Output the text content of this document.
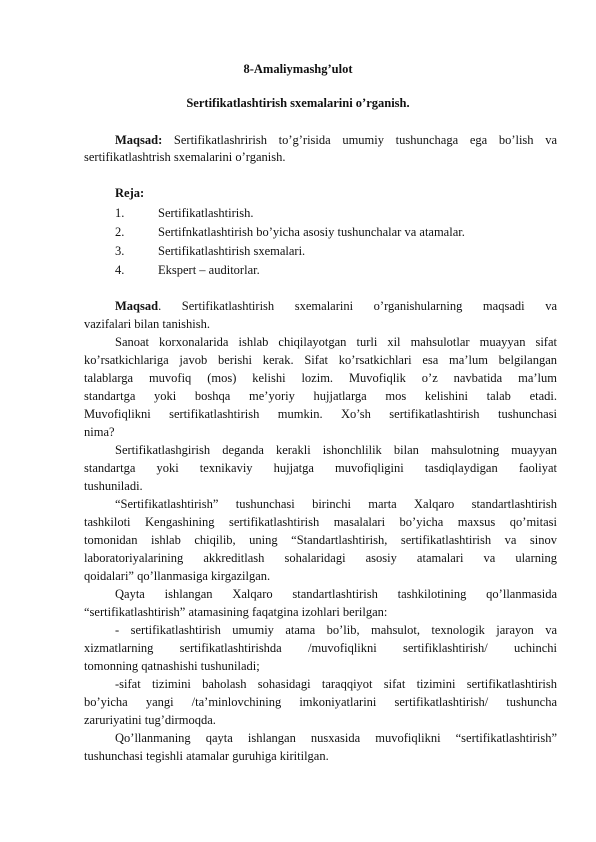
8-Amaliymashg’ulot
Sertifikatlashtirish sxemalarini o’rganish.
Maqsad: Sertifikatlashrirish to’g’risida umumiy tushunchaga ega bo’lish va
sertifikatlashtrish sxemalarini o’rganish.
Reja:
1.	Sertifikatlashtirish.
2.	Sertifnkatlashtirish bo’yicha asosiy tushunchalar va atamalar.
3.	Sertifikatlashtirish sxemalari.
4.	Ekspert – auditorlar.
Maqsad. Sertifikatlashtirish sxemalarini o’rganishularning maqsadi va
vazifalari bilan tanishish.
Sanoat korxonalarida ishlab chiqilayotgan turli xil mahsulotlar muayyan sifat
ko’rsatkichlariga javob berishi kerak. Sifat ko’rsatkichlari esa ma’lum belgilangan
talablarga muvofiq (mos) kelishi lozim. Muvofiqlik o’z navbatida ma’lum
standartga yoki boshqa me’yoriy hujjatlarga mos kelishini talab etadi.
Muvofiqlikni sertifikatlashtirish mumkin. Xo’sh sertifikatlashtirish tushunchasi
nima?
Sertifikatlashgirish deganda kerakli ishonchlilik bilan mahsulotning muayyan
standartga yoki texnikaviy hujjatga muvofiqligini tasdiqlaydigan faoliyat
tushuniladi.
“Sertifikatlashtirish” tushunchasi birinchi marta Xalqaro standartlashtirish
tashkiloti Kengashining sertifikatlashtirish masalalari bo’yicha maxsus qo’mitasi
tomonidan ishlab chiqilib, uning “Standartlashtirish, sertifikatlashtirish va sinov
laboratoriyalarining akkreditlash sohalaridagi asosiy atamalari va ularning
qoidalari” qo’llanmasiga kirgazilgan.
Qayta ishlangan Xalqaro standartlashtirish tashkilotining qo’llanmasida
“sertifikatlashtirish” atamasining faqatgina izohlari berilgan:
- sertifikatlashtirish umumiy atama bo’lib, mahsulot, texnologik jarayon va
xizmatlarning sertifikatlashtirishda /muvofiqlikni sertifiklashtirish/ uchinchi
tomonning qatnashishi tushuniladi;
-sifat tizimini baholash sohasidagi taraqqiyot sifat tizimini sertifikatlashtirish
bo’yicha yangi /ta’minlovchining imkoniyatlarini sertifikatlashtirish/ tushuncha
zaruriyatini tug’dirmoqda.
Qo’llanmaning qayta ishlangan nusxasida muvofiqlikni “sertifikatlashtirish”
tushunchasi tegishli atamalar guruhiga kiritilgan.
